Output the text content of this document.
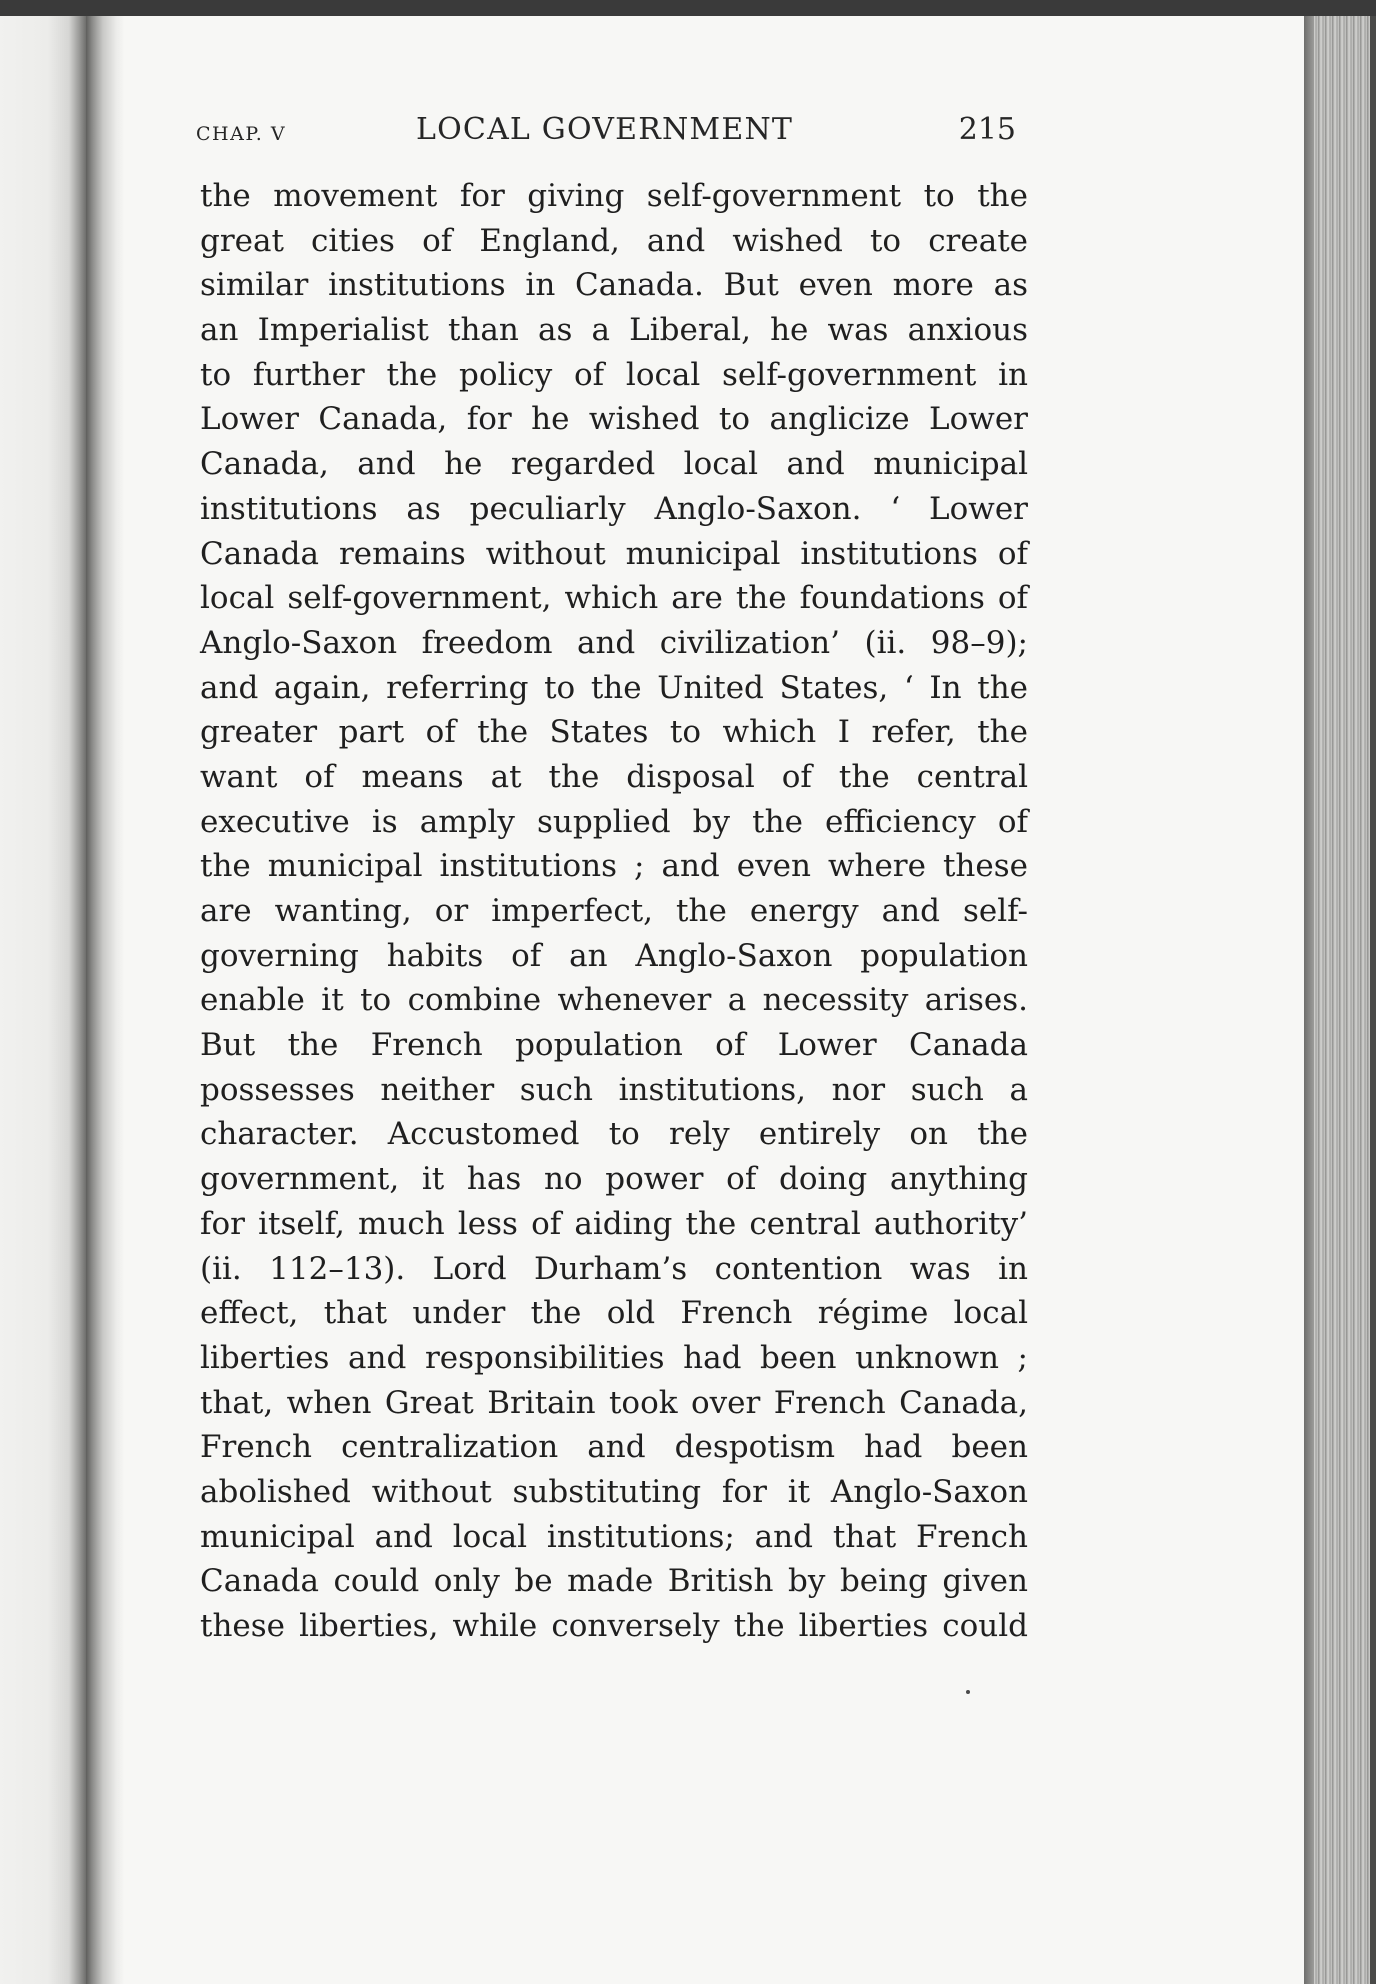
CHAP. V	LOCAL GOVERNMENT	215
the movement for giving self-government to the
great cities of England, and wished to create
similar institutions in Canada. But even more as
an Imperialist than as a Liberal, he was anxious
to further the policy of local self-government in
Lower Canada, for he wished to anglicize Lower
Canada, and he regarded local and municipal
institutions as peculiarly Anglo-Saxon. ‘ Lower
Canada remains without municipal institutions of
local self-government, which are the foundations of
Anglo-Saxon freedom and civilization’ (ii. 98–9);
and again, referring to the United States, ‘ In the
greater part of the States to which I refer, the
want of means at the disposal of the central
executive is amply supplied by the efficiency of
the municipal institutions ; and even where these
are wanting, or imperfect, the energy and self-
governing habits of an Anglo-Saxon population
enable it to combine whenever a necessity arises.
But the French population of Lower Canada
possesses neither such institutions, nor such a
character. Accustomed to rely entirely on the
government, it has no power of doing anything
for itself, much less of aiding the central authority’
(ii. 112–13). Lord Durham’s contention was in
effect, that under the old French régime local
liberties and responsibilities had been unknown ;
that, when Great Britain took over French Canada,
French centralization and despotism had been
abolished without substituting for it Anglo-Saxon
municipal and local institutions; and that French
Canada could only be made British by being given
these liberties, while conversely the liberties could
